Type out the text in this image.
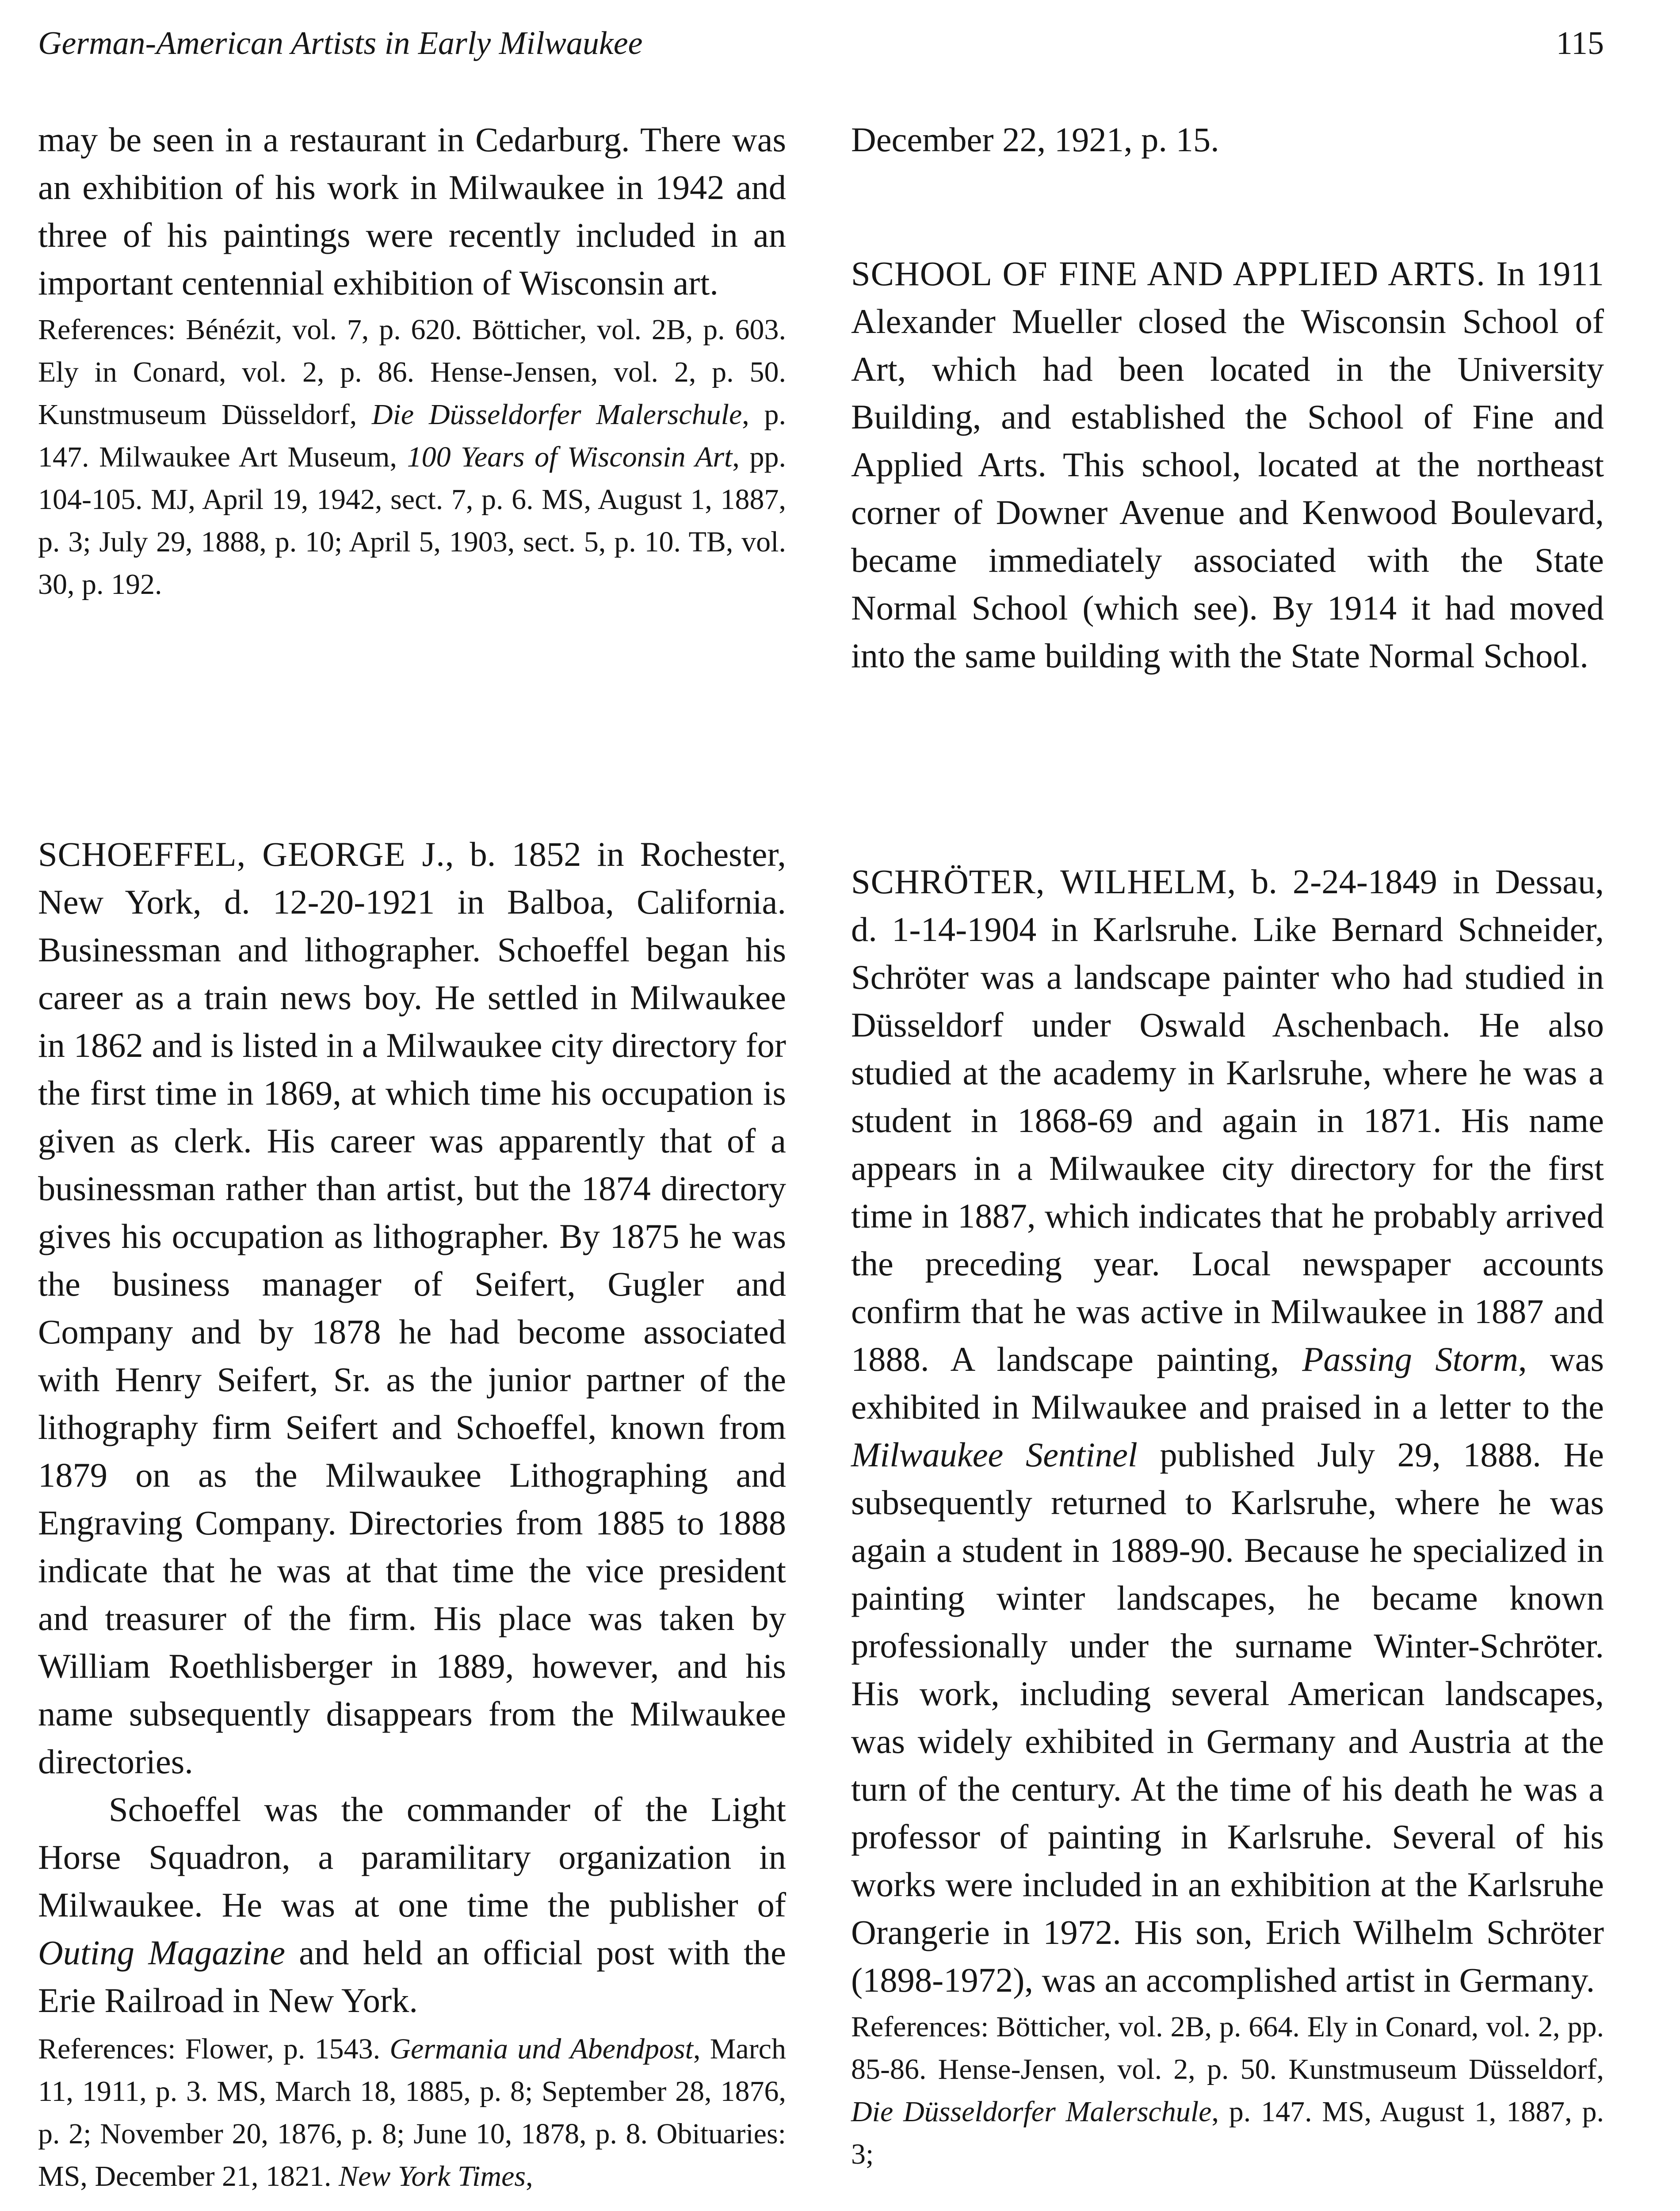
German-American Artists in Early Milwaukee	115

may be seen in a restaurant in Cedarburg. There was an exhibition of his work in Milwaukee in 1942 and three of his paintings were recently included in an important centennial exhibition of Wisconsin art.

References: Bénézit, vol. 7, p. 620. Bötticher, vol. 2B, p. 603. Ely in Conard, vol. 2, p. 86. Hense-Jensen, vol. 2, p. 50. Kunstmuseum Düsseldorf, Die Düsseldorfer Malerschule, p. 147. Milwaukee Art Museum, 100 Years of Wisconsin Art, pp. 104-105. MJ, April 19, 1942, sect. 7, p. 6. MS, August 1, 1887, p. 3; July 29, 1888, p. 10; April 5, 1903, sect. 5, p. 10. TB, vol. 30, p. 192.

December 22, 1921, p. 15.

SCHOOL OF FINE AND APPLIED ARTS. In 1911 Alexander Mueller closed the Wisconsin School of Art, which had been located in the University Building, and established the School of Fine and Applied Arts. This school, located at the northeast corner of Downer Avenue and Kenwood Boulevard, became immediately associated with the State Normal School (which see). By 1914 it had moved into the same building with the State Normal School.

SCHOEFFEL, GEORGE J., b. 1852 in Rochester, New York, d. 12-20-1921 in Balboa, California. Businessman and lithographer. Schoeffel began his career as a train news boy. He settled in Milwaukee in 1862 and is listed in a Milwaukee city directory for the first time in 1869, at which time his occupation is given as clerk. His career was apparently that of a businessman rather than artist, but the 1874 directory gives his occupation as lithographer. By 1875 he was the business manager of Seifert, Gugler and Company and by 1878 he had become associated with Henry Seifert, Sr. as the junior partner of the lithography firm Seifert and Schoeffel, known from 1879 on as the Milwaukee Lithographing and Engraving Company. Directories from 1885 to 1888 indicate that he was at that time the vice president and treasurer of the firm. His place was taken by William Roethlisberger in 1889, however, and his name subsequently disappears from the Milwaukee directories.

Schoeffel was the commander of the Light Horse Squadron, a paramilitary organization in Milwaukee. He was at one time the publisher of Outing Magazine and held an official post with the Erie Railroad in New York.

References: Flower, p. 1543. Germania und Abendpost, March 11, 1911, p. 3. MS, March 18, 1885, p. 8; September 28, 1876, p. 2; November 20, 1876, p. 8; June 10, 1878, p. 8. Obituaries: MS, December 21, 1821. New York Times,

SCHRÖTER, WILHELM, b. 2-24-1849 in Dessau, d. 1-14-1904 in Karlsruhe. Like Bernard Schneider, Schröter was a landscape painter who had studied in Düsseldorf under Oswald Aschenbach. He also studied at the academy in Karlsruhe, where he was a student in 1868-69 and again in 1871. His name appears in a Milwaukee city directory for the first time in 1887, which indicates that he probably arrived the preceding year. Local newspaper accounts confirm that he was active in Milwaukee in 1887 and 1888. A landscape painting, Passing Storm, was exhibited in Milwaukee and praised in a letter to the Milwaukee Sentinel published July 29, 1888. He subsequently returned to Karlsruhe, where he was again a student in 1889-90. Because he specialized in painting winter landscapes, he became known professionally under the surname Winter-Schröter. His work, including several American landscapes, was widely exhibited in Germany and Austria at the turn of the century. At the time of his death he was a professor of painting in Karlsruhe. Several of his works were included in an exhibition at the Karlsruhe Orangerie in 1972. His son, Erich Wilhelm Schröter (1898-1972), was an accomplished artist in Germany.

References: Bötticher, vol. 2B, p. 664. Ely in Conard, vol. 2, pp. 85-86. Hense-Jensen, vol. 2, p. 50. Kunstmuseum Düsseldorf, Die Düsseldorfer Malerschule, p. 147. MS, August 1, 1887, p. 3;
